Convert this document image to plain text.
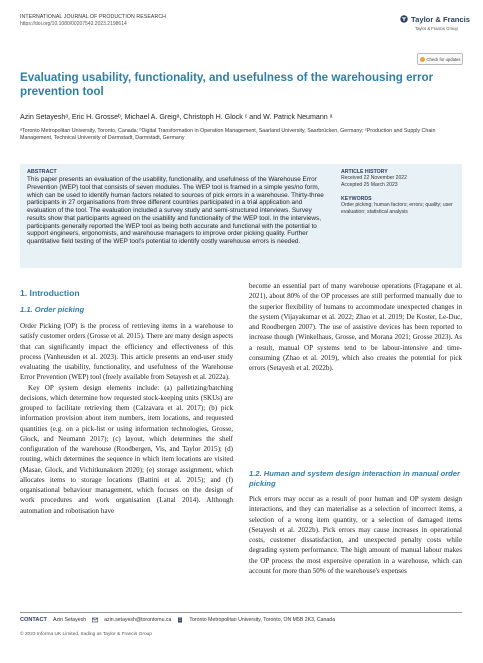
INTERNATIONAL JOURNAL OF PRODUCTION RESEARCH
https://doi.org/10.1080/00207543.2023.2198614
Taylor & Francis
Taylor & Francis Group
Check for updates
Evaluating usability, functionality, and usefulness of the warehousing error prevention tool
Azin Setayeshᵃ, Eric H. Grosseᵇ, Michael A. Greigᵃ, Christoph H. Glock ᶜ and W. Patrick Neumann ᵃ
ᵃToronto Metropolitan University, Toronto, Canada; ᵇDigital Transformation in Operation Management, Saarland University, Saarbrücken, Germany; ᶜProduction and Supply Chain Management, Technical University of Darmstadt, Darmstadt, Germany
ABSTRACT
This paper presents an evaluation of the usability, functionality, and usefulness of the Warehouse Error Prevention (WEP) tool that consists of seven modules. The WEP tool is framed in a simple yes/no form, which can be used to identify human factors related to sources of pick errors in a warehouse. Thirty-three participants in 27 organisations from three different countries participated in a trial application and evaluation of the tool. The evaluation included a survey study and semi-structured interviews. Survey results show that participants agreed on the usability and functionality of the WEP tool. In the interviews, participants generally reported the WEP tool as being both accurate and functional with the potential to support engineers, ergonomists, and warehouse managers to improve order picking quality. Further quantitative field testing of the WEP tool's potential to identify costly warehouse errors is needed.
ARTICLE HISTORY
Received 22 November 2022
Accepted 25 March 2023
KEYWORDS
Order picking; human factors; errors; quality; user evaluation; statistical analysis
1. Introduction
1.1. Order picking

Order Picking (OP) is the process of retrieving items in a warehouse to satisfy customer orders (Grosse et al. 2015). There are many design aspects that can significantly impact the efficiency and effectiveness of this process (Vanheusden et al. 2023). This article presents an end-user study evaluating the usability, functionality, and usefulness of the Warehouse Error Prevention (WEP) tool (freely available from Setayesh et al. 2022a).

Key OP system design elements include: (a) palletizing/batching decisions, which determine how requested stock-keeping units (SKUs) are grouped to facilitate retrieving them (Calzavara et al. 2017); (b) pick information provision about item numbers, item locations, and requested quantities (e.g. on a pick-list or using information technologies, Grosse, Glock, and Neumann 2017); (c) layout, which determines the shelf configuration of the warehouse (Roodbergen, Vis, and Taylor 2015); (d) routing, which determines the sequence in which item locations are visited (Masae, Glock, and Vichitkunakorn 2020); (e) storage assignment, which allocates items to storage locations (Battini et al. 2015); and (f) organisational behaviour management, which focuses on the design of work procedures and work organisation (Lattal 2014). Although automation and robotisation have

become an essential part of many warehouse operations (Fragapane et al. 2021), about 80% of the OP processes are still performed manually due to the superior flexibility of humans to accommodate unexpected changes in the system (Vijayakumar et al. 2022; Zhao et al. 2019; De Koster, Le-Duc, and Roodbergen 2007). The use of assistive devices has been reported to increase though (Winkelhaus, Grosse, and Morana 2021; Grosse 2023). As a result, manual OP systems tend to be labour-intensive and time-consuming (Zhao et al. 2019), which also creates the potential for pick errors (Setayesh et al. 2022b).

1.2. Human and system design interaction in manual order picking

Pick errors may occur as a result of poor human and OP system design interactions, and they can materialise as a selection of incorrect items, a selection of a wrong item quantity, or a selection of damaged items (Setayesh et al. 2022b). Pick errors may cause increases in operational costs, customer dissatisfaction, and unexpected penalty costs while degrading system performance. The high amount of manual labour makes the OP process the most expensive operation in a warehouse, which can account for more than 50% of the warehouse's expenses

CONTACT Azin Setayesh	azin.setayesh@torontomu.ca	Toronto Metropolitan University, Toronto, ON M5B 2K3, Canada
© 2023 Informa UK Limited, trading as Taylor & Francis Group
